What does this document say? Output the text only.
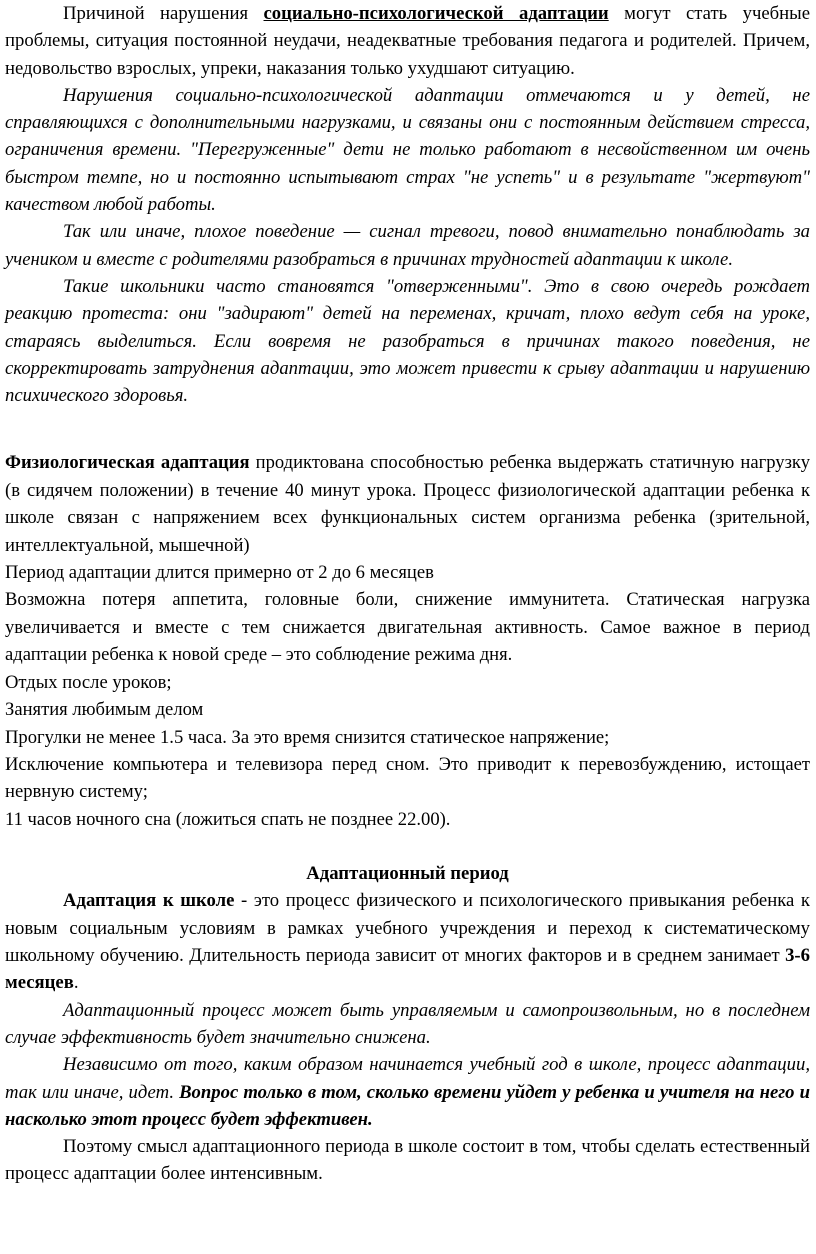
Причиной нарушения социально-психологической адаптации могут стать учебные проблемы, ситуация постоянной неудачи, неадекватные требования педагога и родителей. Причем, недовольство взрослых, упреки, наказания только ухудшают ситуацию.

Нарушения социально-психологической адаптации отмечаются и у детей, не справляющихся с дополнительными нагрузками, и связаны они с постоянным действием стресса, ограничения времени. "Перегруженные" дети не только работают в несвойственном им очень быстром темпе, но и постоянно испытывают страх "не успеть" и в результате "жертвуют" качеством любой работы.

Так или иначе, плохое поведение — сигнал тревоги, повод внимательно понаблюдать за учеником и вместе с родителями разобраться в причинах трудностей адаптации к школе.

Такие школьники часто становятся "отверженными". Это в свою очередь рождает реакцию протеста: они "задирают" детей на переменах, кричат, плохо ведут себя на уроке, стараясь выделиться. Если вовремя не разобраться в причинах такого поведения, не скорректировать затруднения адаптации, это может привести к срыву адаптации и нарушению психического здоровья.

Физиологическая адаптация продиктована способностью ребенка выдержать статичную нагрузку (в сидячем положении) в течение 40 минут урока. Процесс физиологической адаптации ребенка к школе связан с напряжением всех функциональных систем организма ребенка (зрительной, интеллектуальной, мышечной)

Период адаптации длится примерно от 2 до 6 месяцев

Возможна потеря аппетита, головные боли, снижение иммунитета. Статическая нагрузка увеличивается и вместе с тем снижается двигательная активность. Самое важное в период адаптации ребенка к новой среде – это соблюдение режима дня.

Отдых после уроков;

Занятия любимым делом

Прогулки не менее 1.5 часа. За это время снизится статическое напряжение;

Исключение компьютера и телевизора перед сном. Это приводит к перевозбуждению, истощает нервную систему;

11 часов ночного сна (ложиться спать не позднее 22.00).

Адаптационный период

Адаптация к школе - это процесс физического и психологического привыкания ребенка к новым социальным условиям в рамках учебного учреждения и переход к систематическому школьному обучению. Длительность периода зависит от многих факторов и в среднем занимает 3-6 месяцев.

Адаптационный процесс может быть управляемым и самопроизвольным, но в последнем случае эффективность будет значительно снижена.

Независимо от того, каким образом начинается учебный год в школе, процесс адаптации, так или иначе, идет. Вопрос только в том, сколько времени уйдет у ребенка и учителя на него и насколько этот процесс будет эффективен.

Поэтому смысл адаптационного периода в школе состоит в том, чтобы сделать естественный процесс адаптации более интенсивным.
